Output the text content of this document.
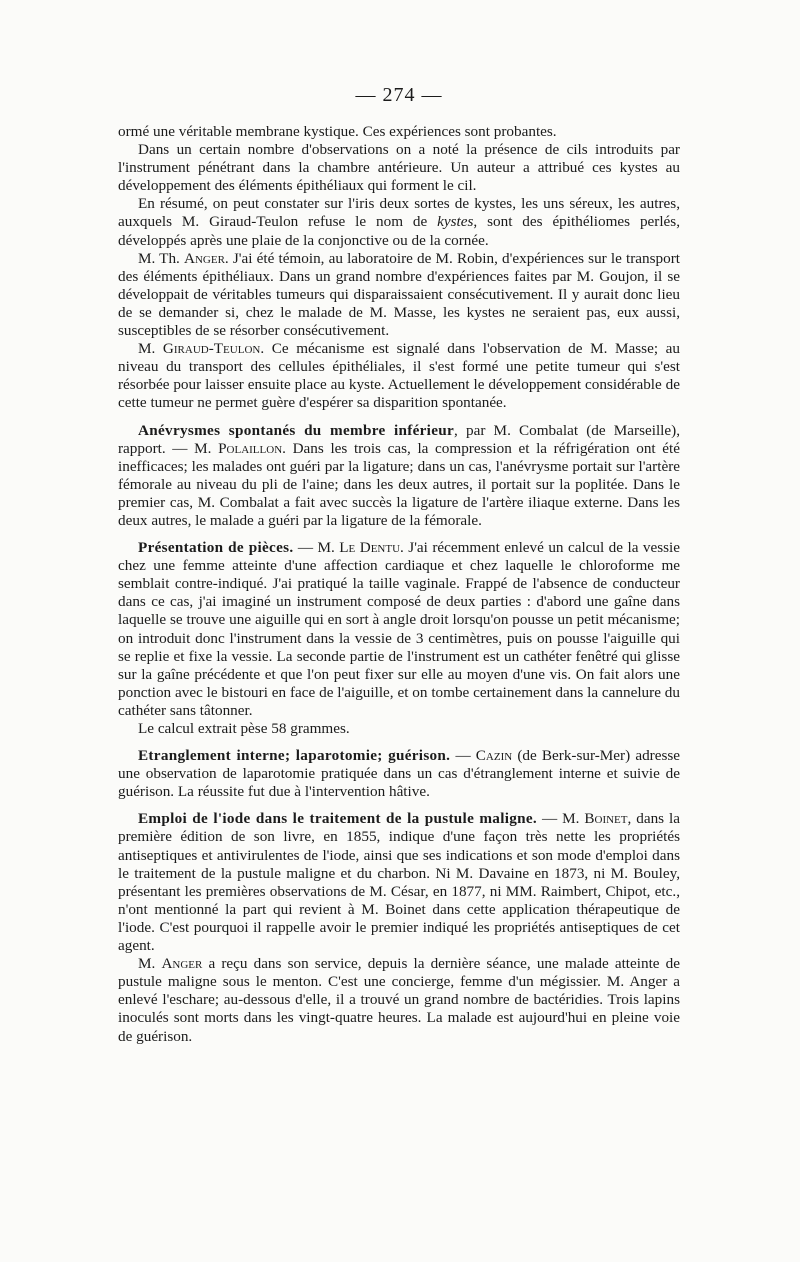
— 274 —

ormé une véritable membrane kystique. Ces expériences sont probantes.

Dans un certain nombre d'observations on a noté la présence de cils introduits par l'instrument pénétrant dans la chambre antérieure. Un auteur a attribué ces kystes au développement des éléments épithéliaux qui forment le cil.

En résumé, on peut constater sur l'iris deux sortes de kystes, les uns séreux, les autres, auxquels M. Giraud-Teulon refuse le nom de kystes, sont des épithéliomes perlés, développés après une plaie de la conjonctive ou de la cornée.

M. Th. Anger. J'ai été témoin, au laboratoire de M. Robin, d'expériences sur le transport des éléments épithéliaux. Dans un grand nombre d'expériences faites par M. Goujon, il se développait de véritables tumeurs qui disparaissaient consécutivement. Il y aurait donc lieu de se demander si, chez le malade de M. Masse, les kystes ne seraient pas, eux aussi, susceptibles de se résorber consécutivement.

M. Giraud-Teulon. Ce mécanisme est signalé dans l'observation de M. Masse; au niveau du transport des cellules épithéliales, il s'est formé une petite tumeur qui s'est résorbée pour laisser ensuite place au kyste. Actuellement le développement considérable de cette tumeur ne permet guère d'espérer sa disparition spontanée.

Anévrysmes spontanés du membre inférieur, par M. Combalat (de Marseille), rapport. — M. Polaillon. Dans les trois cas, la compression et la réfrigération ont été inefficaces; les malades ont guéri par la ligature; dans un cas, l'anévrysme portait sur l'artère fémorale au niveau du pli de l'aine; dans les deux autres, il portait sur la poplitée. Dans le premier cas, M. Combalat a fait avec succès la ligature de l'artère iliaque externe. Dans les deux autres, le malade a guéri par la ligature de la fémorale.

Présentation de pièces. — M. Le Dentu. J'ai récemment enlevé un calcul de la vessie chez une femme atteinte d'une affection cardiaque et chez laquelle le chloroforme me semblait contre-indiqué. J'ai pratiqué la taille vaginale. Frappé de l'absence de conducteur dans ce cas, j'ai imaginé un instrument composé de deux parties : d'abord une gaîne dans laquelle se trouve une aiguille qui en sort à angle droit lorsqu'on pousse un petit mécanisme; on introduit donc l'instrument dans la vessie de 3 centimètres, puis on pousse l'aiguille qui se replie et fixe la vessie. La seconde partie de l'instrument est un cathéter fenêtré qui glisse sur la gaîne précédente et que l'on peut fixer sur elle au moyen d'une vis. On fait alors une ponction avec le bistouri en face de l'aiguille, et on tombe certainement dans la cannelure du cathéter sans tâtonner.

Le calcul extrait pèse 58 grammes.

Etranglement interne; laparotomie; guérison. — Cazin (de Berk-sur-Mer) adresse une observation de laparotomie pratiquée dans un cas d'étranglement interne et suivie de guérison. La réussite fut due à l'intervention hâtive.

Emploi de l'iode dans le traitement de la pustule maligne. — M. Boinet, dans la première édition de son livre, en 1855, indique d'une façon très nette les propriétés antiseptiques et antivirulentes de l'iode, ainsi que ses indications et son mode d'emploi dans le traitement de la pustule maligne et du charbon. Ni M. Davaine en 1873, ni M. Bouley, présentant les premières observations de M. César, en 1877, ni MM. Raimbert, Chipot, etc., n'ont mentionné la part qui revient à M. Boinet dans cette application thérapeutique de l'iode. C'est pourquoi il rappelle avoir le premier indiqué les propriétés antiseptiques de cet agent.

M. Anger a reçu dans son service, depuis la dernière séance, une malade atteinte de pustule maligne sous le menton. C'est une concierge, femme d'un mégissier. M. Anger a enlevé l'eschare; au-dessous d'elle, il a trouvé un grand nombre de bactéridies. Trois lapins inoculés sont morts dans les vingt-quatre heures. La malade est aujourd'hui en pleine voie de guérison.
